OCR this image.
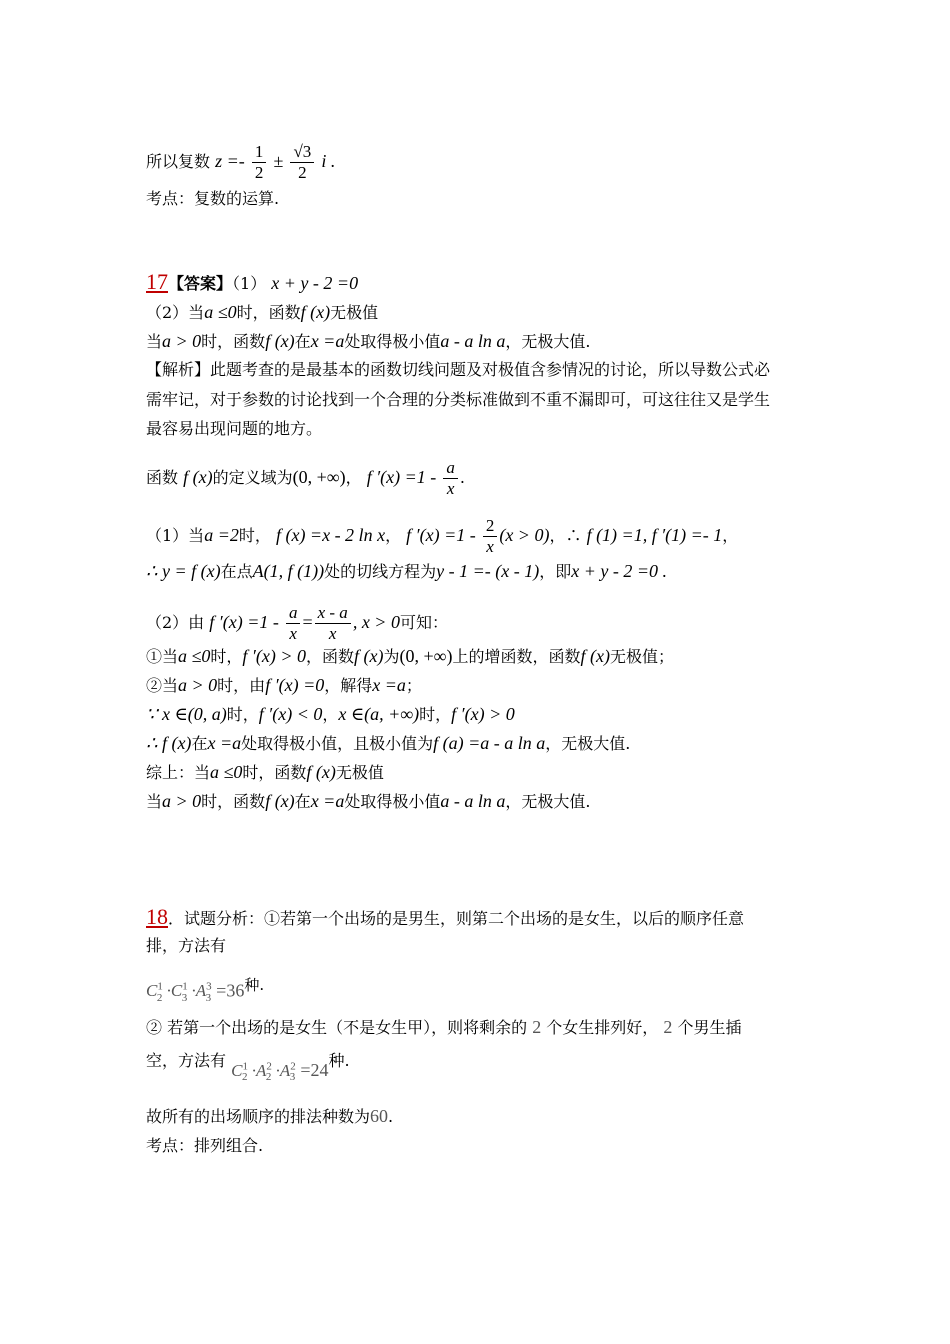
所以复数 $z =- \frac{1}{2} \pm \frac{√3}{2}$ i .
考点：复数的运算.
17【答案】（1） x + y - 2 =0
（2）当a ≤0时，函数f (x)无极值
当a > 0时，函数f (x)在x =a处取得极小值a - a ln a，无极大值.
【解析】此题考查的是最基本的函数切线问题及对极值含参情况的讨论，所以导数公式必
需牢记，对于参数的讨论找到一个合理的分类标准做到不重不漏即可，可这往往又是学生
最容易出现问题的地方。
函数 f (x)的定义域为(0, +∞)， f $'(x) =1 - \frac{a}{x}$ .
（1）当a =2时， f (x) =x - 2 ln x， f $'(x) =1 - \frac{2}{x} (x > 0)$，∴ f (1) =1, f ′(1) =- 1，
∴ y = f (x)在点A(1, f (1))处的切线方程为y - 1 =- (x - 1)，即x + y - 2 =0 .
（2）由 f $'(x) =1 - \frac{a}{x} = \frac{x - a}{x}$ , x > 0可知：
①当a ≤0时，f ′(x) > 0，函数f (x)为(0, +∞)上的增函数，函数f (x)无极值；
②当a > 0时，由f ′(x) =0，解得x =a；
∵ x ∈(0, a)时，f ′(x) < 0，x ∈(a, +∞)时，f ′(x) > 0
∴ f (x)在x =a处取得极小值，且极小值为f (a) =a - a ln a，无极大值.
综上：当a ≤0时，函数f (x)无极值
当a > 0时，函数f (x)在x =a处取得极小值a - a ln a，无极大值.
18．试题分析：①若第一个出场的是男生，则第二个出场的是女生，以后的顺序任意
排，方法有
$C^1_2 \cdot C^1_3 \cdot A^3_3 =36^{种.}$
② 若第一个出场的是女生（不是女生甲），则将剩余的 2 个女生排列好， 2 个男生插
空，方法有 $C^1_2 \cdot A^2_2 \cdot A^2_3 =24$种.
故所有的出场顺序的排法种数为60.
考点：排列组合.
